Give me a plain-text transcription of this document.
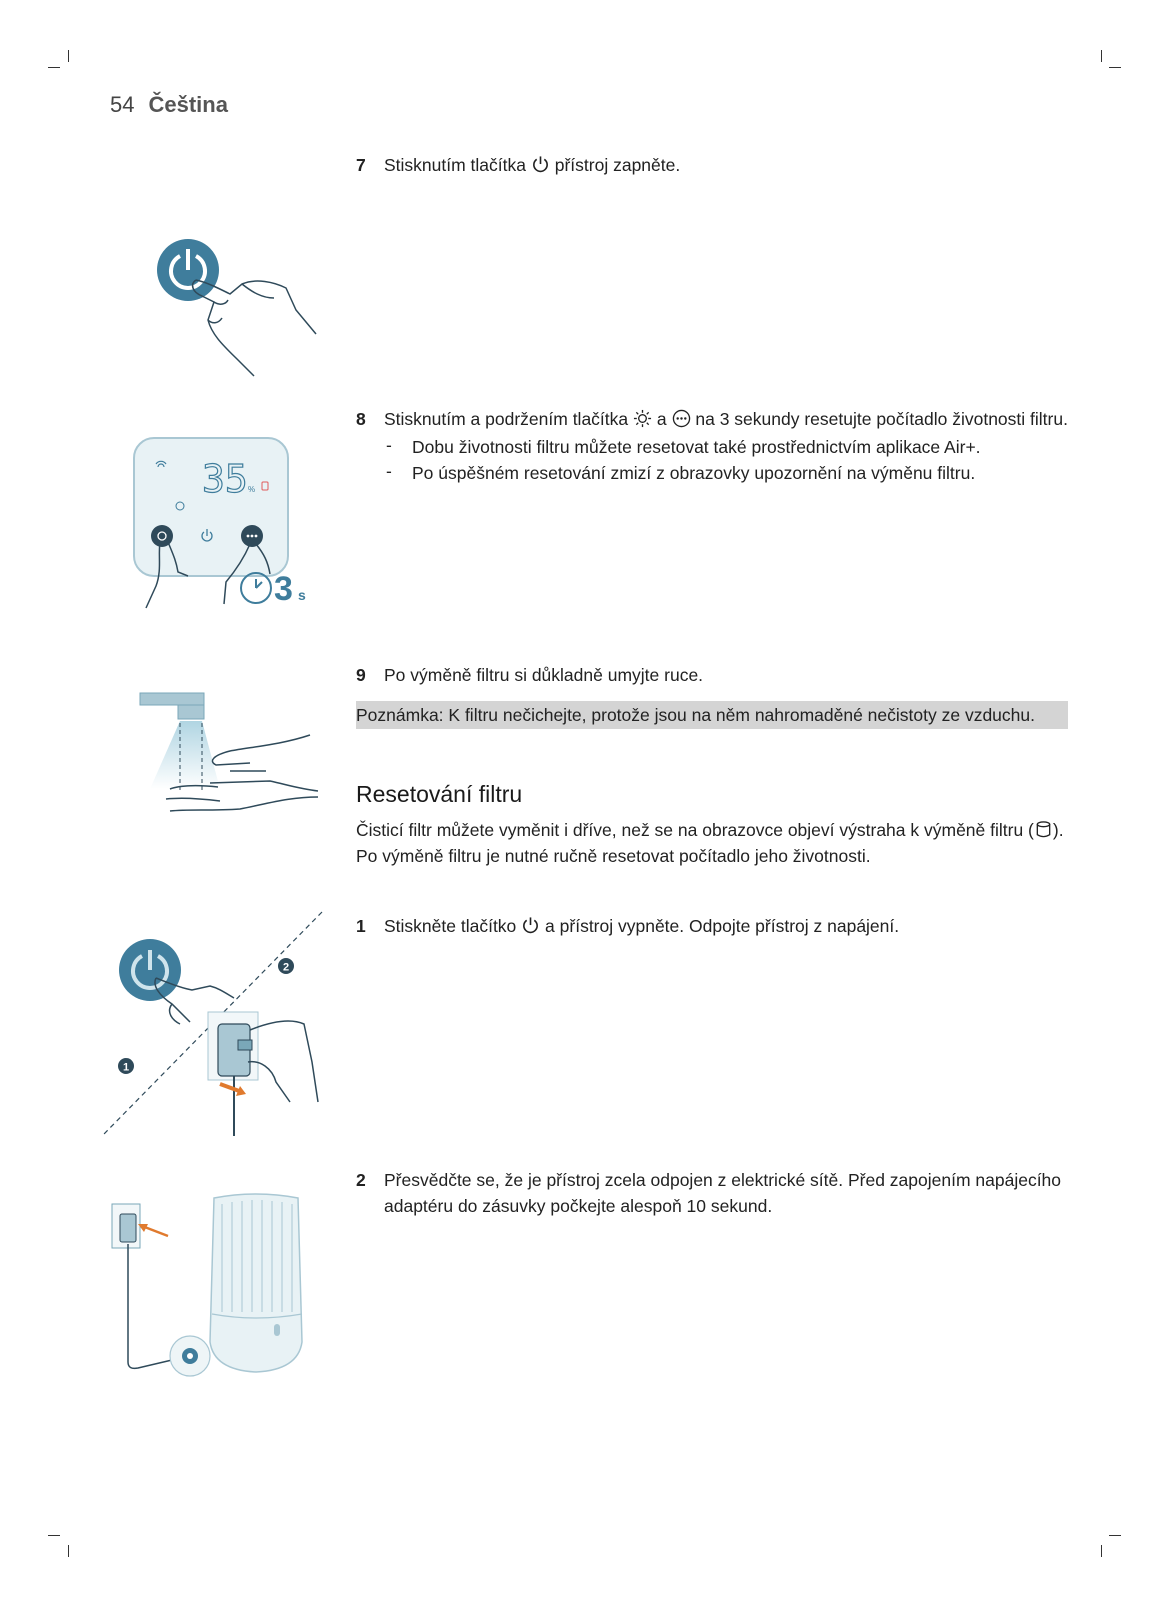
54 Čeština
7 Stisknutím tlačítka přístroj zapněte.
8 Stisknutím a podržením tlačítka a na 3 sekundy resetujte počítadlo životnosti filtru.
- Dobu životnosti filtru můžete resetovat také prostřednictvím aplikace Air+.
- Po úspěšném resetování zmizí z obrazovky upozornění na výměnu filtru.
35 %
3 s
9 Po výměně filtru si důkladně umyjte ruce.
Poznámka: K filtru nečichejte, protože jsou na něm nahromaděné nečistoty ze vzduchu.
Resetování filtru
Čisticí filtr můžete vyměnit i dříve, než se na obrazovce objeví výstraha k výměně filtru ( ). Po výměně filtru je nutné ručně resetovat počítadlo jeho životnosti.
1 Stiskněte tlačítko a přístroj vypněte. Odpojte přístroj z napájení.
2
1
2 Přesvědčte se, že je přístroj zcela odpojen z elektrické sítě. Před zapojením napájecího adaptéru do zásuvky počkejte alespoň 10 sekund.
